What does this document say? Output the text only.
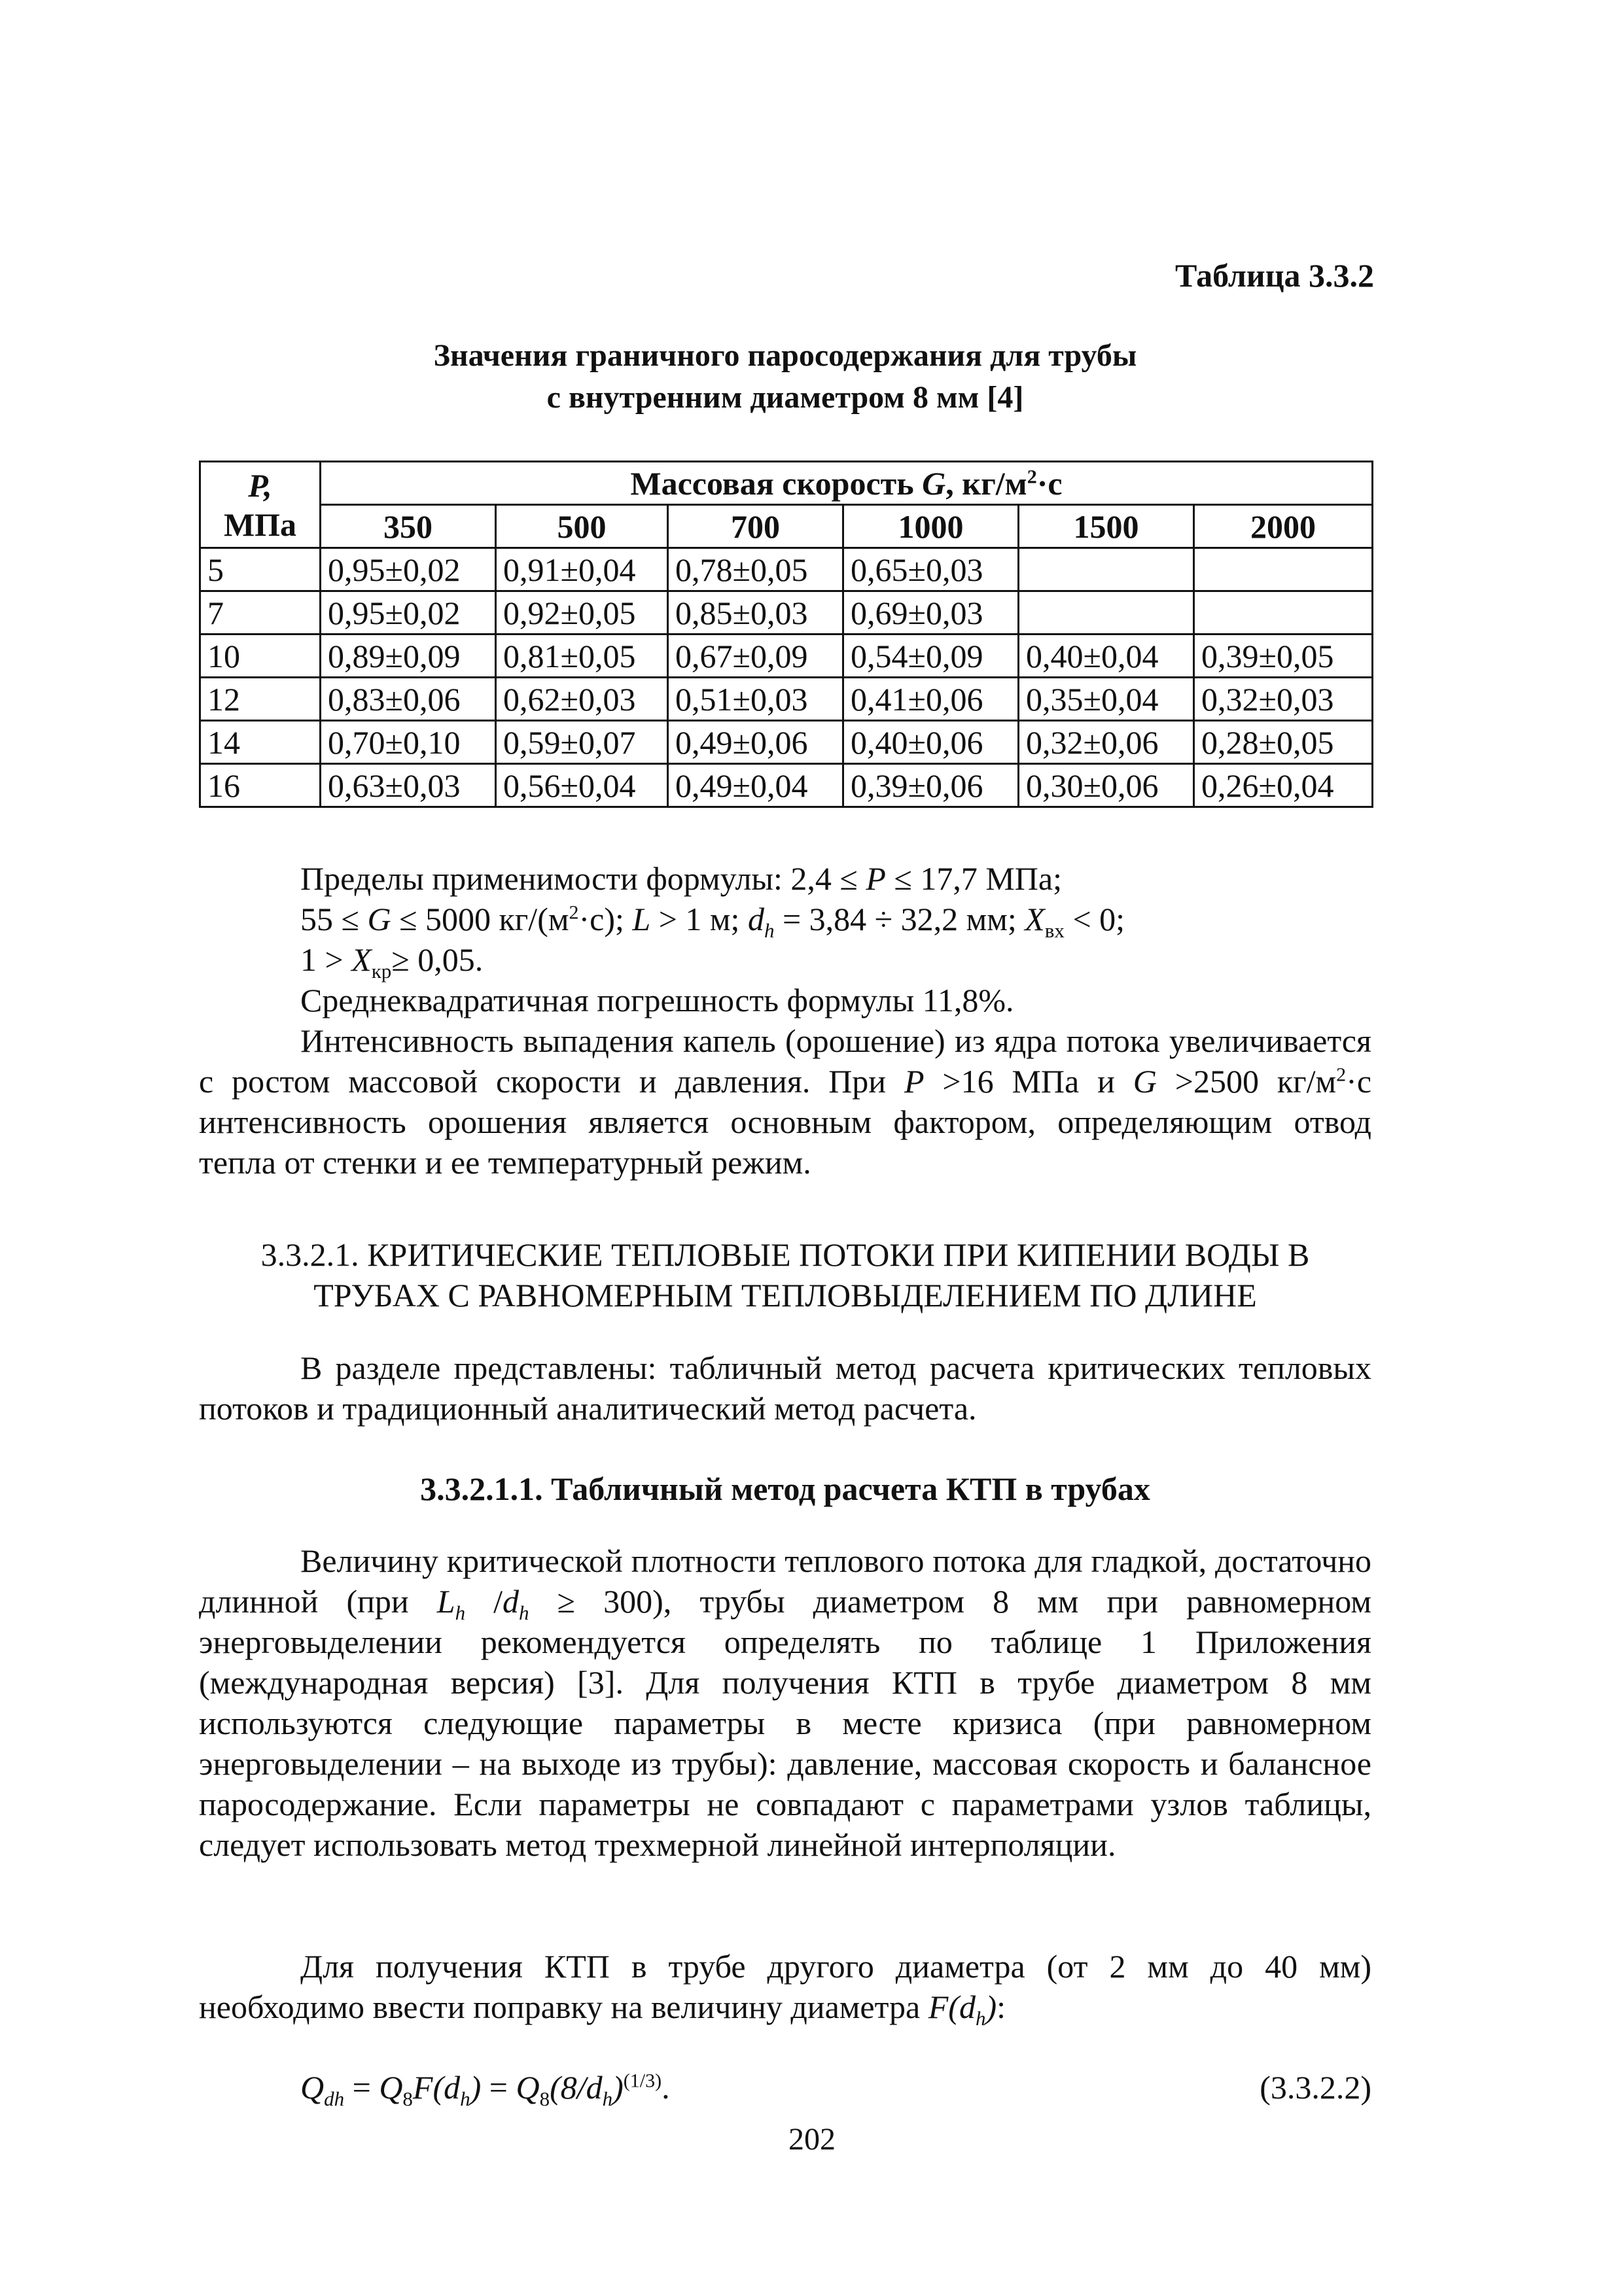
Таблица 3.3.2
Значения граничного паросодержания для трубы
с внутренним диаметром 8 мм [4]
P,
МПа	Массовая скорость G, $кг/м^2\cdot с$					
	350	500	700	1000	1500	2000
5	0,95±0,02	0,91±0,04	0,78±0,05	0,65±0,03		
7	0,95±0,02	0,92±0,05	0,85±0,03	0,69±0,03		
10	0,89±0,09	0,81±0,05	0,67±0,09	0,54±0,09	0,40±0,04	0,39±0,05
12	0,83±0,06	0,62±0,03	0,51±0,03	0,41±0,06	0,35±0,04	0,32±0,03
14	0,70±0,10	0,59±0,07	0,49±0,06	0,40±0,06	0,32±0,06	0,28±0,05
16	0,63±0,03	0,56±0,04	0,49±0,04	0,39±0,06	0,30±0,06	0,26±0,04
Пределы применимости формулы: 2,4 ≤ P ≤ 17,7 МПа;
55 ≤ G ≤ 5000 $кг/(м^2\cdot с)$; L > 1 м; $d_h = 3,84 \div 32,2$ мм; $X_{вх} < 0$;
$1 > X_{кр}\ge 0,05$.
Среднеквадратичная погрешность формулы 11,8%.

Интенсивность выпадения капель (орошение) из ядра потока увеличивается с ростом массовой скорости и давления. При P >16 МПа и G >2500 $кг/м^2\cdot с$ интенсивность орошения является основным фактором, определяющим отвод тепла от стенки и ее температурный режим.

3.3.2.1. КРИТИЧЕСКИЕ ТЕПЛОВЫЕ ПОТОКИ ПРИ КИПЕНИИ ВОДЫ В
ТРУБАХ С РАВНОМЕРНЫМ ТЕПЛОВЫДЕЛЕНИЕМ ПО ДЛИНЕ

В разделе представлены: табличный метод расчета критических тепловых потоков и традиционный аналитический метод расчета.

3.3.2.1.1. Табличный метод расчета КТП в трубах

Величину критической плотности теплового потока для гладкой, достаточно длинной (при $L_h$ $/d_h \ge 300$), трубы диаметром 8 мм при равномерном энерговыделении рекомендуется определять по таблице 1 Приложения (международная версия) [3]. Для получения КТП в трубе диаметром 8 мм используются следующие параметры в месте кризиса (при равномерном энерговыделении – на выходе из трубы): давление, массовая скорость и балансное паросодержание. Если параметры не совпадают с параметрами узлов таблицы, следует использовать метод трехмерной линейной интерполяции.

Для получения КТП в трубе другого диаметра (от 2 мм до 40 мм) необходимо ввести поправку на величину диаметра $F(d_h)$:

$Q_{dh} = Q_8F(d_h) = Q_8(8/d_h)^{(1/3)}$.	(3.3.2.2)
202
